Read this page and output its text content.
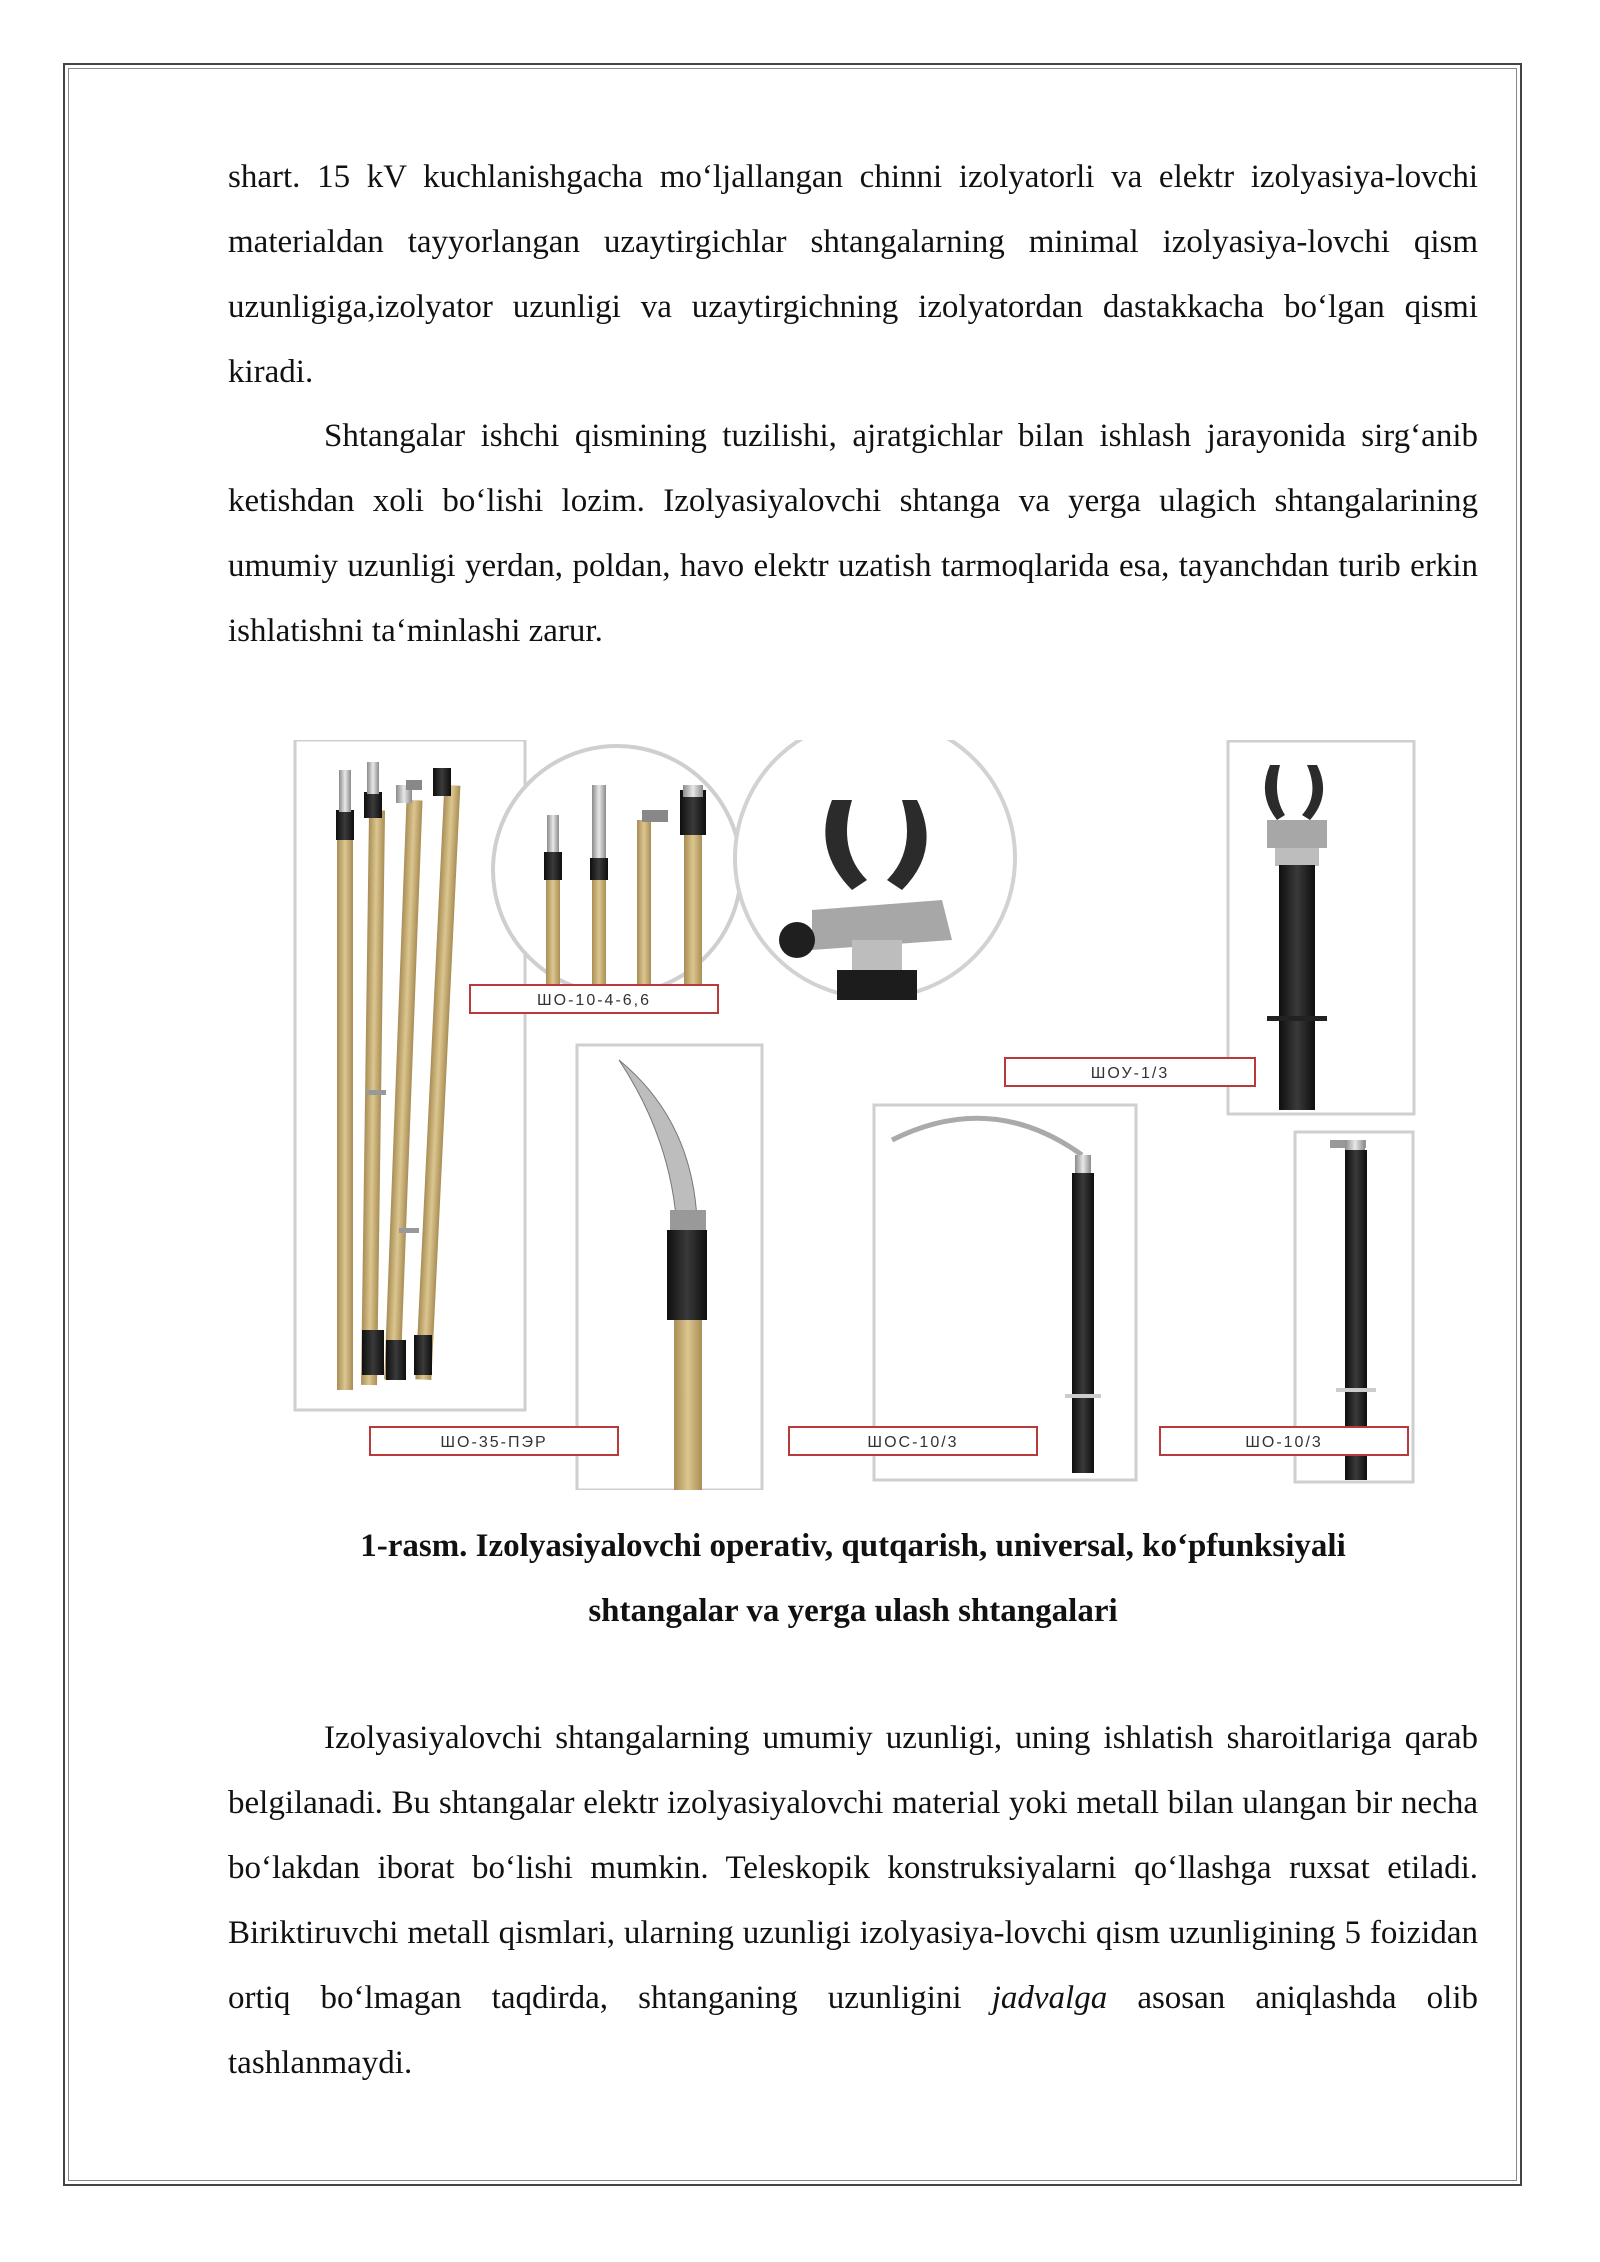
shart. 15 kV kuchlanishgacha mo‘ljallangan chinni izolyatorli va elektr izolyasiya-lovchi materialdan tayyorlangan uzaytirgichlar shtangalarning minimal izolyasiya-lovchi qism uzunligiga,izolyator uzunligi va uzaytirgichning izolyatordan dastakkacha bo‘lgan qismi kiradi.

Shtangalar ishchi qismining tuzilishi, ajratgichlar bilan ishlash jarayonida sirg‘anib ketishdan xoli bo‘lishi lozim. Izolyasiyalovchi shtanga va yerga ulagich shtangalarining umumiy uzunligi yerdan, poldan, havo elektr uzatish tarmoqlarida esa, tayanchdan turib erkin ishlatishni ta‘minlashi zarur.

ШО-10-4-6,6
ШОУ-1/3
ШО-35-ПЭР	ШОС-10/3	ШО-10/3
1-rasm. Izolyasiyalovchi operativ, qutqarish, universal, ko‘pfunksiyali
shtangalar va yerga ulash shtangalari

Izolyasiyalovchi shtangalarning umumiy uzunligi, uning ishlatish sharoitlariga qarab belgilanadi. Bu shtangalar elektr izolyasiyalovchi material yoki metall bilan ulangan bir necha bo‘lakdan iborat bo‘lishi mumkin. Teleskopik konstruksiyalarni qo‘llashga ruxsat etiladi. Biriktiruvchi metall qismlari, ularning uzunligi izolyasiya-lovchi qism uzunligining 5 foizidan ortiq bo‘lmagan taqdirda, shtanganing uzunligini jadvalga asosan aniqlashda olib tashlanmaydi.
